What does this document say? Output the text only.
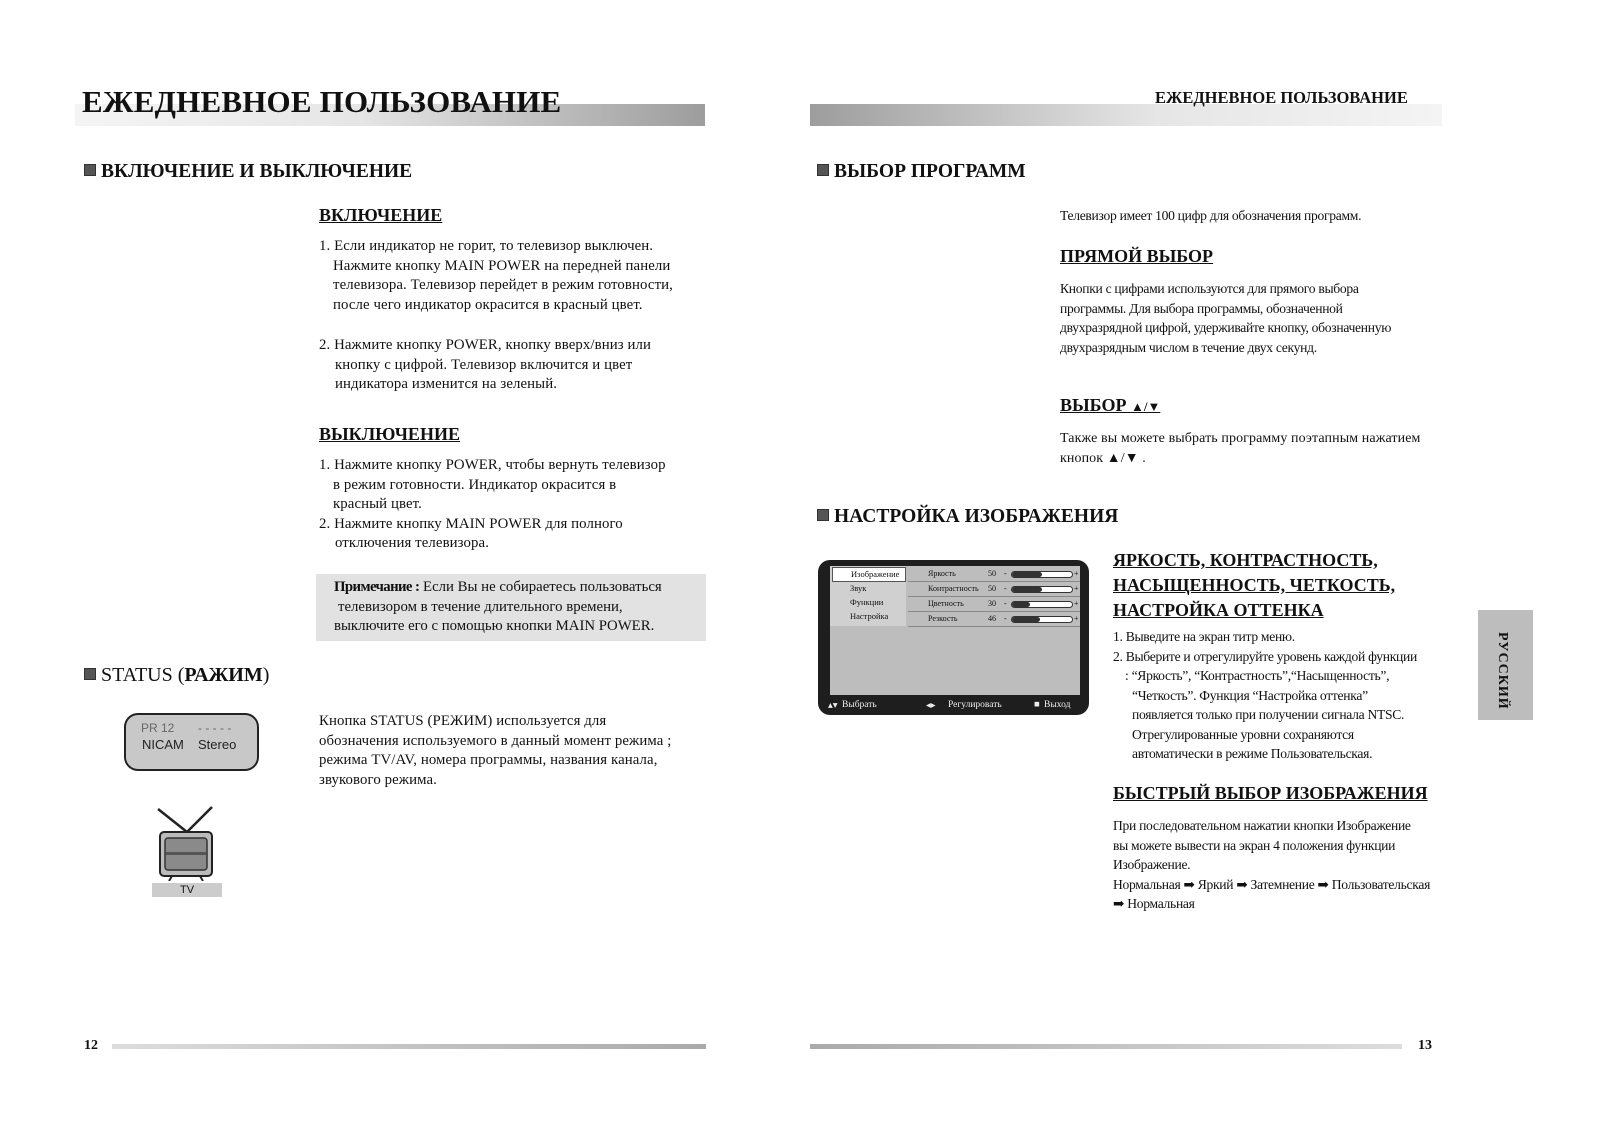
ЕЖЕДНЕВНОЕ ПОЛЬЗОВАНИЕ
ВКЛЮЧЕНИЕ И ВЫКЛЮЧЕНИЕ
ВКЛЮЧЕНИЕ
1. Если индикатор не горит, то телевизор выключен.
Нажмите кнопку MAIN POWER на передней панели
телевизора. Телевизор перейдет в режим готовности,
после чего индикатор окрасится в красный цвет.
2. Нажмите кнопку POWER, кнопку вверх/вниз или
кнопку с цифрой. Телевизор включится и цвет
индикатора изменится на зеленый.
ВЫКЛЮЧЕНИЕ
1. Нажмите кнопку POWER, чтобы вернуть телевизор
в режим готовности. Индикатор окрасится в
красный цвет.
2. Нажмите кнопку MAIN POWER для полного
отключения телевизора.
Примечание : Если Вы не собираетесь пользоваться
телевизором в течение длительного времени,
выключите его с помощью кнопки MAIN POWER.
STATUS (РАЖИМ)
PR 12 - - - - -
NICAM Stereo
TV
Кнопка STATUS (РЕЖИМ) используется для
обозначения используемого в данный момент режима ;
режима TV/AV, номера программы, названия канала,
звукового режима.
12
ЕЖЕДНЕВНОЕ ПОЛЬЗОВАНИЕ
ВЫБОР ПРОГРАММ
Телевизор имеет 100 цифр для обозначения программ.
ПРЯМОЙ ВЫБОР
Кнопки с цифрами используются для прямого выбора
программы. Для выбора программы, обозначенной
двухразрядной цифрой, удерживайте кнопку, обозначенную
двухразрядным числом в течение двух секунд.
ВЫБОР ▲/▼
Также вы можете выбрать программу поэтапным нажатием
кнопок ▲/▼ .
НАСТРОЙКА ИЗОБРАЖЕНИЯ
Изображение
Звук
Функции
Настройка
Яркость	50 -	+
Контрастность 50 -	+
Цветность	30 -	+
Резкость	46 -	+
▴▾ Выбрать	◂▸ Регулировать	■ Выход
ЯРКОСТЬ, КОНТРАСТНОСТЬ,
НАСЫЩЕННОСТЬ, ЧЕТКОСТЬ,
НАСТРОЙКА ОТТЕНКА
1. Выведите на экран титр меню.
2. Выберите и отрегулируйте уровень каждой функции
: “Яркость”, “Контрастность”,“Насыщенность”,
“Четкость”. Функция “Настройка оттенка”
появляется только при получении сигнала NTSC.
Отрегулированные уровни сохраняются
автоматически в режиме Пользовательская.
БЫСТРЫЙ ВЫБОР ИЗОБРАЖЕНИЯ
При последовательном нажатии кнопки Изображение
вы можете вывести на экран 4 положения функции
Изображение.
Нормальная ➡ Яркий ➡ Затемнение ➡ Пользовательская
➡ Нормальная
РУССКИЙ
13
